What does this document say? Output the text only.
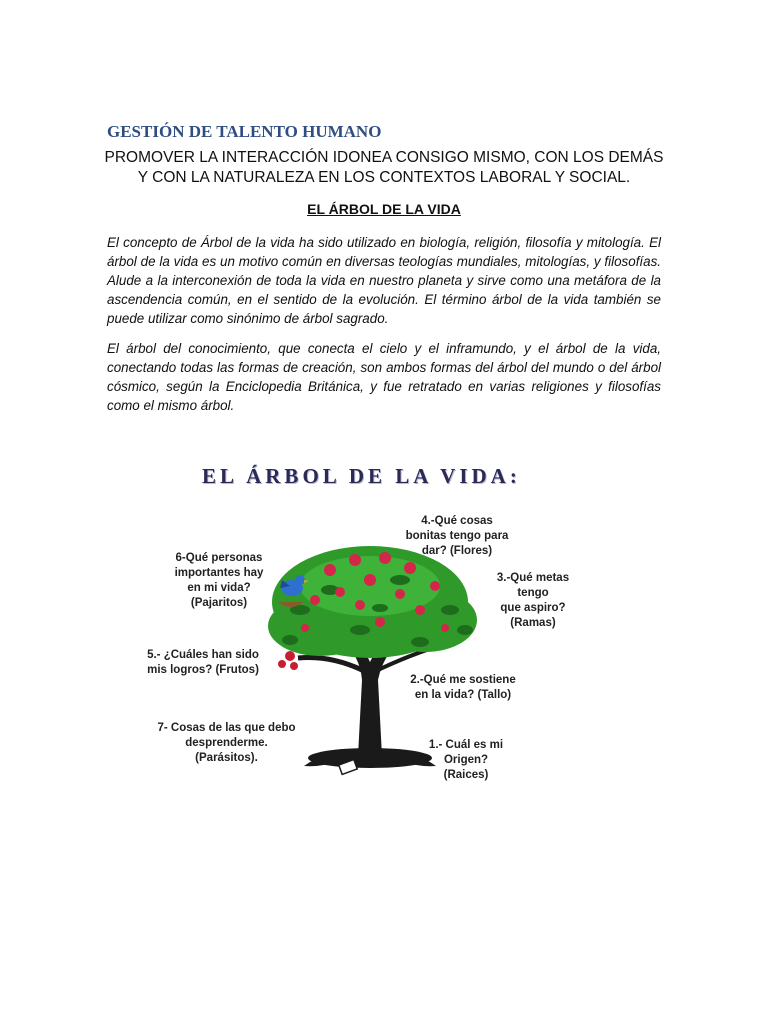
GESTIÓN DE TALENTO HUMANO
PROMOVER LA INTERACCIÓN IDONEA CONSIGO MISMO, CON LOS DEMÁS Y CON LA NATURALEZA EN LOS CONTEXTOS LABORAL Y SOCIAL.
EL ÁRBOL DE LA VIDA

El concepto de Árbol de la vida ha sido utilizado en biología, religión, filosofía y mitología. El árbol de la vida es un motivo común en diversas teologías mundiales, mitologías, y filosofías. Alude a la interconexión de toda la vida en nuestro planeta y sirve como una metáfora de la ascendencia común, en el sentido de la evolución. El término árbol de la vida también se puede utilizar como sinónimo de árbol sagrado.

El árbol del conocimiento, que conecta el cielo y el inframundo, y el árbol de la vida, conectando todas las formas de creación, son ambos formas del árbol del mundo o del árbol cósmico, según la Enciclopedia Británica, y fue retratado en varias religiones y filosofías como el mismo árbol.

EL ÁRBOL DE LA VIDA:
4.-Qué cosas
bonitas tengo para
dar? (Flores)
6-Qué personas
importantes hay
en mi vida?
(Pajaritos)
3.-Qué metas
tengo
que aspiro?
(Ramas)
5.- ¿Cuáles han sido
mis logros? (Frutos)
2.-Qué me sostiene
en la vida? (Tallo)
7- Cosas de las que debo
desprenderme.
(Parásitos).
1.- Cuál es mi
Origen?
(Raices)
